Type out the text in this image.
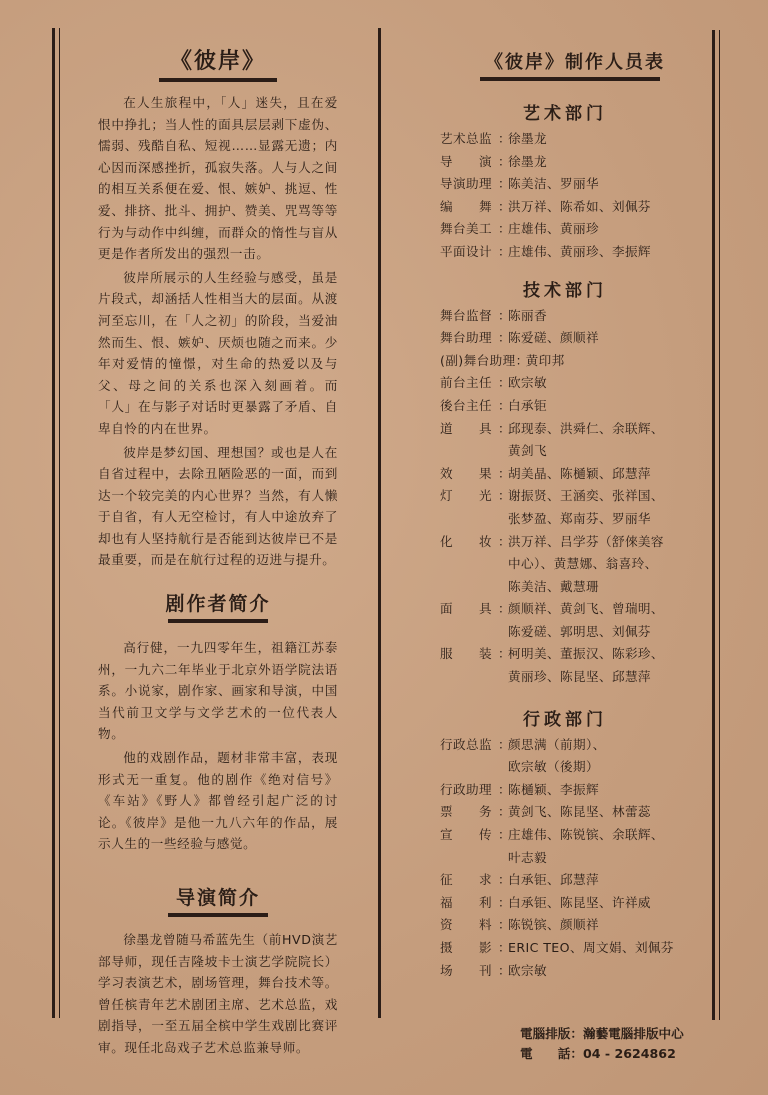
《彼岸》

在人生旅程中，「人」迷失，且在爱恨中挣扎；当人性的面具层层剥下虚伪、懦弱、残酷自私、短视……显露无遗；内心因而深感挫折，孤寂失落。人与人之间的相互关系便在爱、恨、嫉妒、挑逗、性爱、排挤、批斗、拥护、赞美、咒骂等等行为与动作中纠缠，而群众的惰性与盲从更是作者所发出的强烈一击。

彼岸所展示的人生经验与感受，虽是片段式，却涵括人性相当大的层面。从渡河至忘川，在「人之初」的阶段，当爱油然而生、恨、嫉妒、厌烦也随之而来。少年对爱情的憧憬，对生命的热爱以及与父、母之间的关系也深入刻画着。而「人」在与影子对话时更暴露了矛盾、自卑自怜的内在世界。

彼岸是梦幻国、理想国？或也是人在自省过程中，去除丑陋险恶的一面，而到达一个较完美的内心世界？当然，有人懒于自省，有人无空检讨，有人中途放弃了却也有人坚持航行是否能到达彼岸已不是最重要，而是在航行过程的迈进与提升。

剧作者简介

高行健，一九四零年生，祖籍江苏泰州，一九六二年毕业于北京外语学院法语系。小说家，剧作家、画家和导演，中国当代前卫文学与文学艺术的一位代表人物。

他的戏剧作品，题材非常丰富，表现形式无一重复。他的剧作《绝对信号》《车站》《野人》都曾经引起广泛的讨论。《彼岸》是他一九八六年的作品，展示人生的一些经验与感觉。

导演简介

徐墨龙曾随马希蓝先生（前HVD演艺部导师，现任吉隆坡卡士演艺学院院长）学习表演艺术，剧场管理，舞台技术等。曾任槟青年艺术剧团主席、艺术总监，戏剧指导，一至五届全槟中学生戏剧比赛评审。现任北岛戏子艺术总监兼导师。

《彼岸》制作人员表
艺术部门
艺术总监 ：
徐墨龙
导　　演 ：
徐墨龙
导演助理 ：
陈美洁、罗丽华
编　　舞 ：
洪万祥、陈希如、刘佩芬
舞台美工 ：
庄雄伟、黄丽珍
平面设计 ：
庄雄伟、黄丽珍、李振辉
技术部门
舞台监督 ：
陈丽香
舞台助理 ：
陈爱磋、颜顺祥
(副)舞台助理 ：
黄印邦
前台主任 ：
欧宗敏
後台主任 ：
白承钜
道　　具 ：
邱现泰、洪舜仁、余联辉、
黄剑飞
效　　果 ：
胡美晶、陈樋颖、邱慧萍
灯　　光 ：
谢振贤、王涵奕、张祥国、
张梦盈、郑南芬、罗丽华
化　　妆 ：
洪万祥、吕学芬（舒倈美容
中心）、黄慧娜、翁喜玲、
陈美洁、戴慧珊
面　　具 ：
颜顺祥、黄剑飞、曾瑞明、
陈爱磋、郭明思、刘佩芬
服　　装 ：
柯明美、董振汉、陈彩珍、
黄丽珍、陈昆坚、邱慧萍
行政部门
行政总监 ：
颜思满（前期）、
欧宗敏（後期）
行政助理 ：
陈樋颖、李振辉
票　　务 ：
黄剑飞、陈昆坚、林蕾蕊
宣　　传 ：
庄雄伟、陈锐镔、余联辉、
叶志毅
征　　求 ：
白承钜、邱慧萍
福　　利 ：
白承钜、陈昆坚、许祥威
资　　料 ：
陈锐镔、颜顺祥
摄　　影 ：
ERIC TEO、周文娟、刘佩芬
场　　刊 ：
欧宗敏
電腦排版：瀚藝電腦排版中心
電　　話：04 - 2624862
